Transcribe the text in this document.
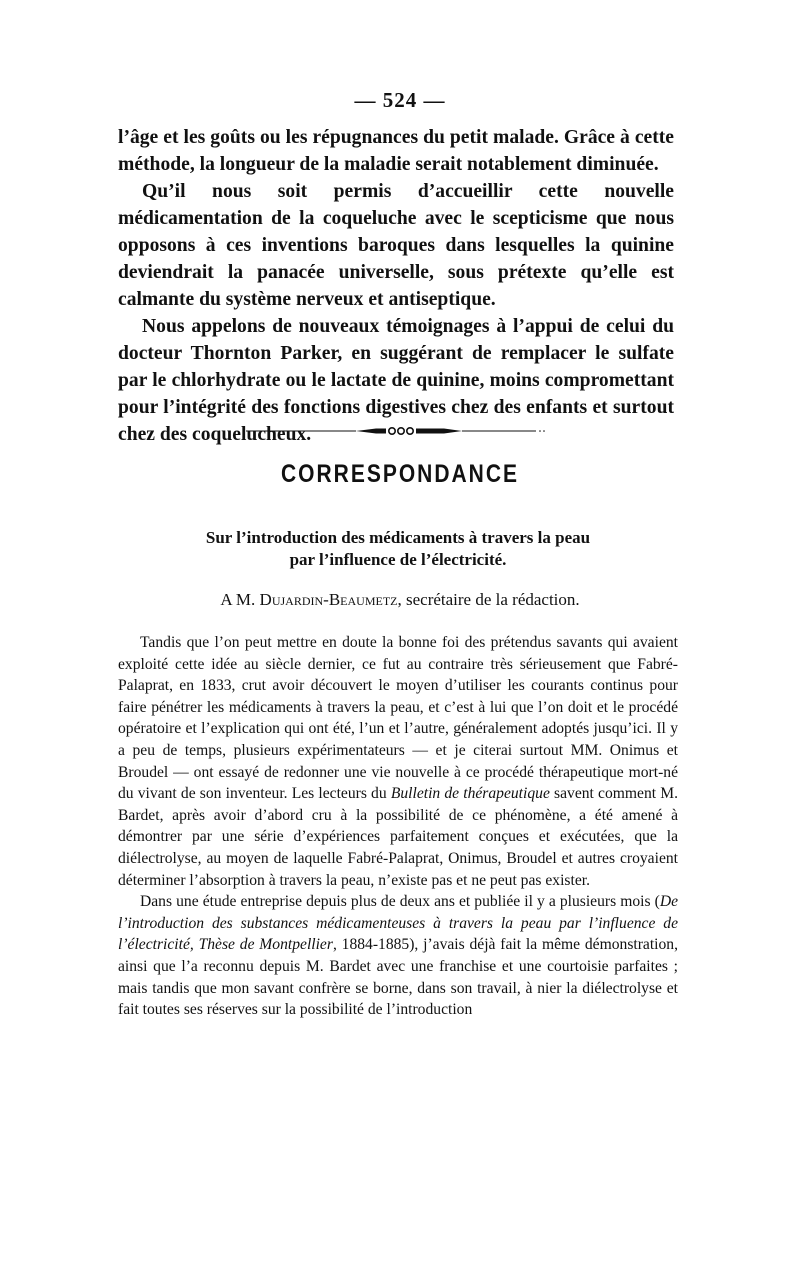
— 524 —

l’âge et les goûts ou les répugnances du petit malade. Grâce à cette méthode, la longueur de la maladie serait notablement diminuée.

Qu’il nous soit permis d’accueillir cette nouvelle médicamentation de la coqueluche avec le scepticisme que nous opposons à ces inventions baroques dans lesquelles la quinine deviendrait la panacée universelle, sous prétexte qu’elle est calmante du système nerveux et antiseptique.

Nous appelons de nouveaux témoignages à l’appui de celui du docteur Thornton Parker, en suggérant de remplacer le sulfate par le chlorhydrate ou le lactate de quinine, moins compromettant pour l’intégrité des fonctions digestives chez des enfants et surtout chez des coquelucheux.

CORRESPONDANCE
Sur l’introduction des médicaments à travers la peau
par l’influence de l’électricité.
A M. Dujardin-Beaumetz, secrétaire de la rédaction.

Tandis que l’on peut mettre en doute la bonne foi des prétendus savants qui avaient exploité cette idée au siècle dernier, ce fut au contraire très sérieusement que Fabré-Palaprat, en 1833, crut avoir découvert le moyen d’utiliser les courants continus pour faire pénétrer les médicaments à travers la peau, et c’est à lui que l’on doit et le procédé opératoire et l’explication qui ont été, l’un et l’autre, généralement adoptés jusqu’ici. Il y a peu de temps, plusieurs expérimentateurs — et je citerai surtout MM. Onimus et Broudel — ont essayé de redonner une vie nouvelle à ce procédé thérapeutique mort-né du vivant de son inventeur. Les lecteurs du Bulletin de thérapeutique savent comment M. Bardet, après avoir d’abord cru à la possibilité de ce phénomène, a été amené à démontrer par une série d’expériences parfaitement conçues et exécutées, que la diélectrolyse, au moyen de laquelle Fabré-Palaprat, Onimus, Broudel et autres croyaient déterminer l’absorption à travers la peau, n’existe pas et ne peut pas exister.

Dans une étude entreprise depuis plus de deux ans et publiée il y a plusieurs mois (De l’introduction des substances médicamenteuses à travers la peau par l’influence de l’électricité, Thèse de Montpellier, 1884-1885), j’avais déjà fait la même démonstration, ainsi que l’a reconnu depuis M. Bardet avec une franchise et une courtoisie parfaites ; mais tandis que mon savant confrère se borne, dans son travail, à nier la diélectrolyse et fait toutes ses réserves sur la possibilité de l’introduction
